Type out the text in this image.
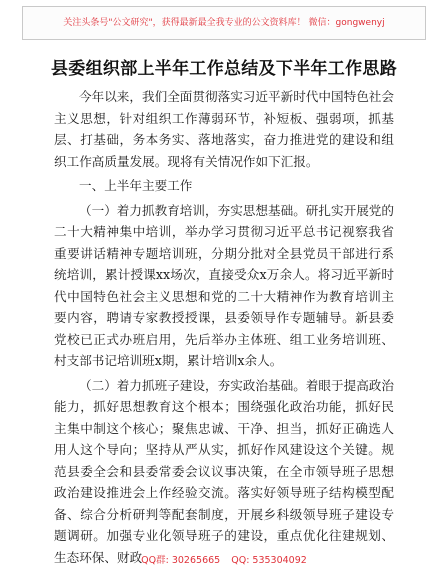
关注头条号"公文研究"，获得最新最全我专业的公文资料库！ 微信：gongwenyj
县委组织部上半年工作总结及下半年工作思路

今年以来，我们全面贯彻落实习近平新时代中国特色社会主义思想，针对组织工作薄弱环节，补短板、强弱项，抓基层、打基础，务本务实、落地落实，奋力推进党的建设和组织工作高质量发展。现将有关情况作如下汇报。

一、上半年主要工作

（一）着力抓教育培训，夯实思想基础。研扎实开展党的二十大精神集中培训，举办学习贯彻习近平总书记视察我省重要讲话精神专题培训班，分期分批对全县党员干部进行系统培训，累计授课xx场次，直接受众x万余人。将习近平新时代中国特色社会主义思想和党的二十大精神作为教育培训主要内容，聘请专家教授授课，县委领导作专题辅导。新县委党校已正式办班启用，先后举办主体班、组工业务培训班、村支部书记培训班x期，累计培训x余人。

（二）着力抓班子建设，夯实政治基础。着眼于提高政治能力，抓好思想教育这个根本；围绕强化政治功能，抓好民主集中制这个核心；聚焦忠诚、干净、担当，抓好正确选人用人这个导向；坚持从严从实，抓好作风建设这个关键。规范县委全会和县委常委会议议事决策，在全市领导班子思想政治建设推进会上作经验交流。落实好领导班子结构模型配备、综合分析研判等配套制度，开展乡科级领导班子建设专题调研。加强专业化领导班子的建设，重点优化往建规划、生态环保、财政 QQ群: 30265665 QQ: 535304092
